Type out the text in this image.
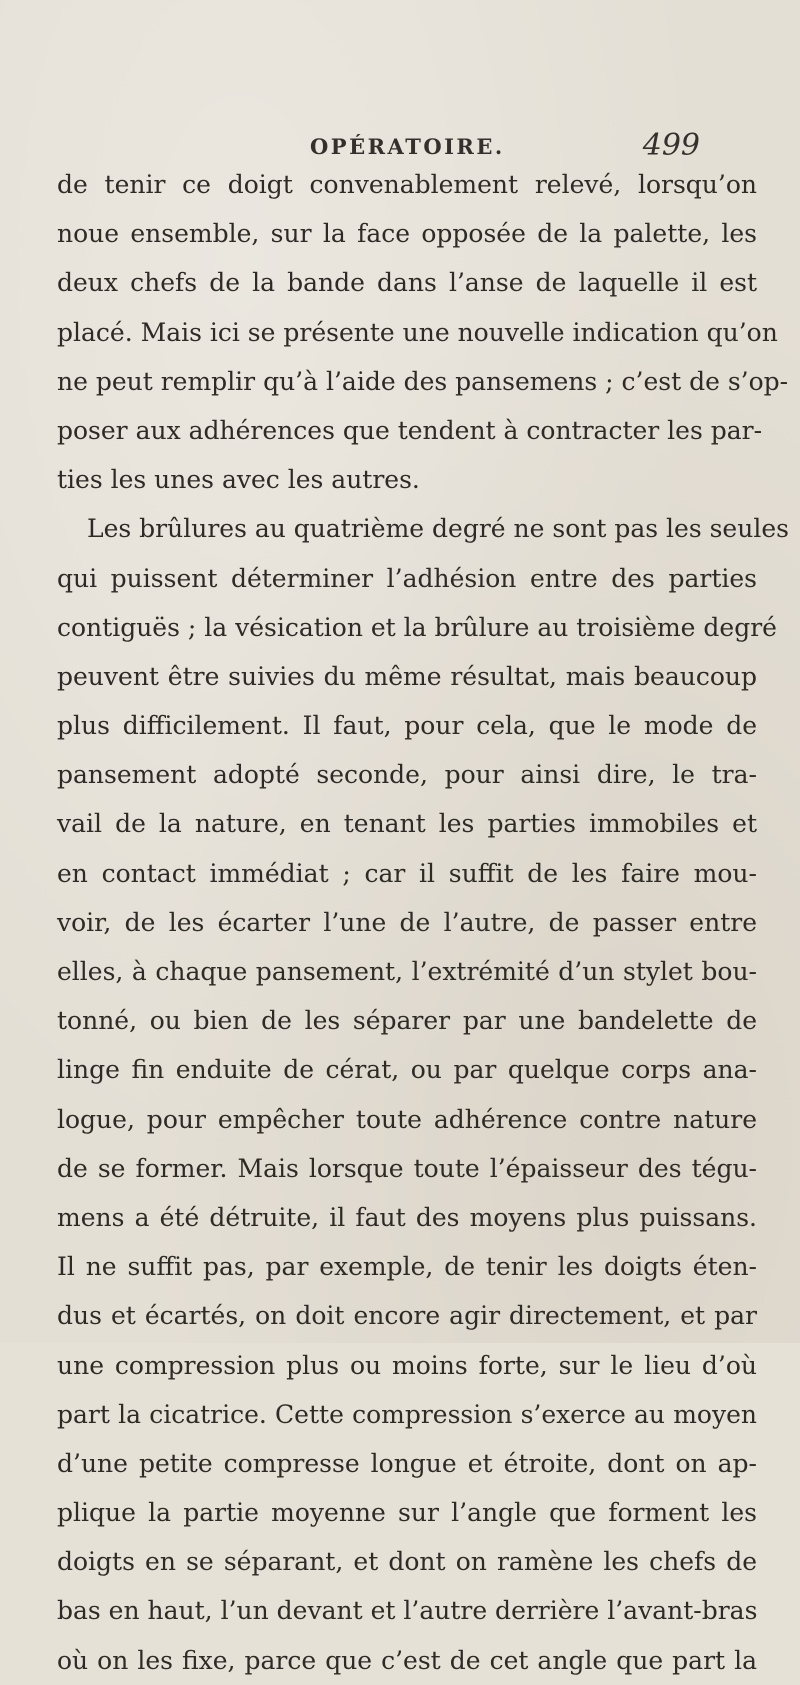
OPÉRATOIRE.	499
de tenir ce doigt convenablement relevé, lorsqu’on
noue ensemble, sur la face opposée de la palette, les
deux chefs de la bande dans l’anse de laquelle il est
placé. Mais ici se présente une nouvelle indication qu’on
ne peut remplir qu’à l’aide des pansemens ; c’est de s’op-
poser aux adhérences que tendent à contracter les par-
ties les unes avec les autres.
Les brûlures au quatrième degré ne sont pas les seules
qui puissent déterminer l’adhésion entre des parties
contiguës ; la vésication et la brûlure au troisième degré
peuvent être suivies du même résultat, mais beaucoup
plus difficilement. Il faut, pour cela, que le mode de
pansement adopté seconde, pour ainsi dire, le tra-
vail de la nature, en tenant les parties immobiles et
en contact immédiat ; car il suffit de les faire mou-
voir, de les écarter l’une de l’autre, de passer entre
elles, à chaque pansement, l’extrémité d’un stylet bou-
tonné, ou bien de les séparer par une bandelette de
linge fin enduite de cérat, ou par quelque corps ana-
logue, pour empêcher toute adhérence contre nature
de se former. Mais lorsque toute l’épaisseur des tégu-
mens a été détruite, il faut des moyens plus puissans.
Il ne suffit pas, par exemple, de tenir les doigts éten-
dus et écartés, on doit encore agir directement, et par
une compression plus ou moins forte, sur le lieu d’où
part la cicatrice. Cette compression s’exerce au moyen
d’une petite compresse longue et étroite, dont on ap-
plique la partie moyenne sur l’angle que forment les
doigts en se séparant, et dont on ramène les chefs de
bas en haut, l’un devant et l’autre derrière l’avant-bras
où on les fixe, parce que c’est de cet angle que part la
